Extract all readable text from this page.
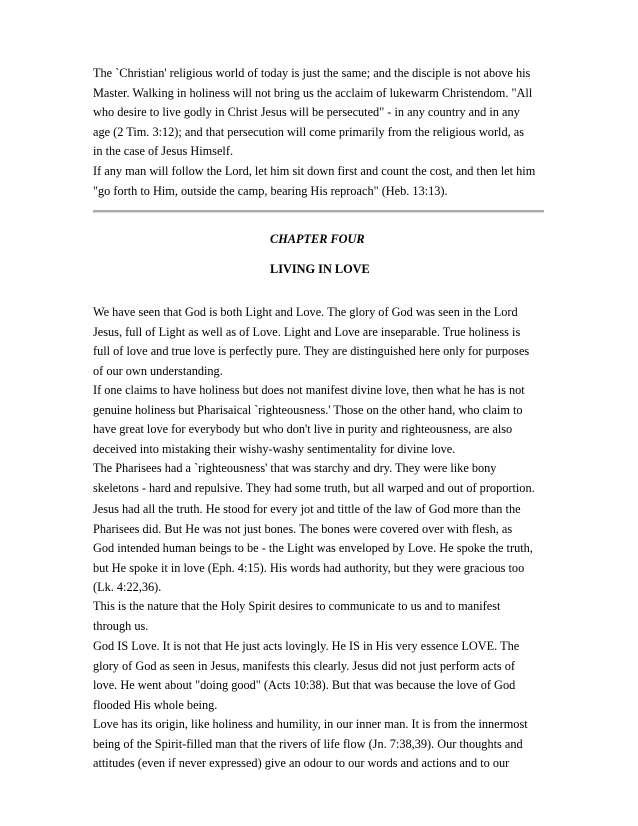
The `Christian' religious world of today is just the same; and the disciple is not above his
Master. Walking in holiness will not bring us the acclaim of lukewarm Christendom. "All
who desire to live godly in Christ Jesus will be persecuted" - in any country and in any
age (2 Tim. 3:12); and that persecution will come primarily from the religious world, as
in the case of Jesus Himself.

If any man will follow the Lord, let him sit down first and count the cost, and then let him
"go forth to Him, outside the camp, bearing His reproach" (Heb. 13:13).

CHAPTER FOUR

LIVING IN LOVE

We have seen that God is both Light and Love. The glory of God was seen in the Lord
Jesus, full of Light as well as of Love. Light and Love are inseparable. True holiness is
full of love and true love is perfectly pure. They are distinguished here only for purposes
of our own understanding.

If one claims to have holiness but does not manifest divine love, then what he has is not
genuine holiness but Pharisaical `righteousness.' Those on the other hand, who claim to
have great love for everybody but who don't live in purity and righteousness, are also
deceived into mistaking their wishy-washy sentimentality for divine love.

The Pharisees had a `righteousness' that was starchy and dry. They were like bony
skeletons - hard and repulsive. They had some truth, but all warped and out of proportion.

Jesus had all the truth. He stood for every jot and tittle of the law of God more than the
Pharisees did. But He was not just bones. The bones were covered over with flesh, as
God intended human beings to be - the Light was enveloped by Love. He spoke the truth,
but He spoke it in love (Eph. 4:15). His words had authority, but they were gracious too
(Lk. 4:22,36).

This is the nature that the Holy Spirit desires to communicate to us and to manifest
through us.

God IS Love. It is not that He just acts lovingly. He IS in His very essence LOVE. The
glory of God as seen in Jesus, manifests this clearly. Jesus did not just perform acts of
love. He went about "doing good" (Acts 10:38). But that was because the love of God
flooded His whole being.

Love has its origin, like holiness and humility, in our inner man. It is from the innermost
being of the Spirit-filled man that the rivers of life flow (Jn. 7:38,39). Our thoughts and
attitudes (even if never expressed) give an odour to our words and actions and to our
